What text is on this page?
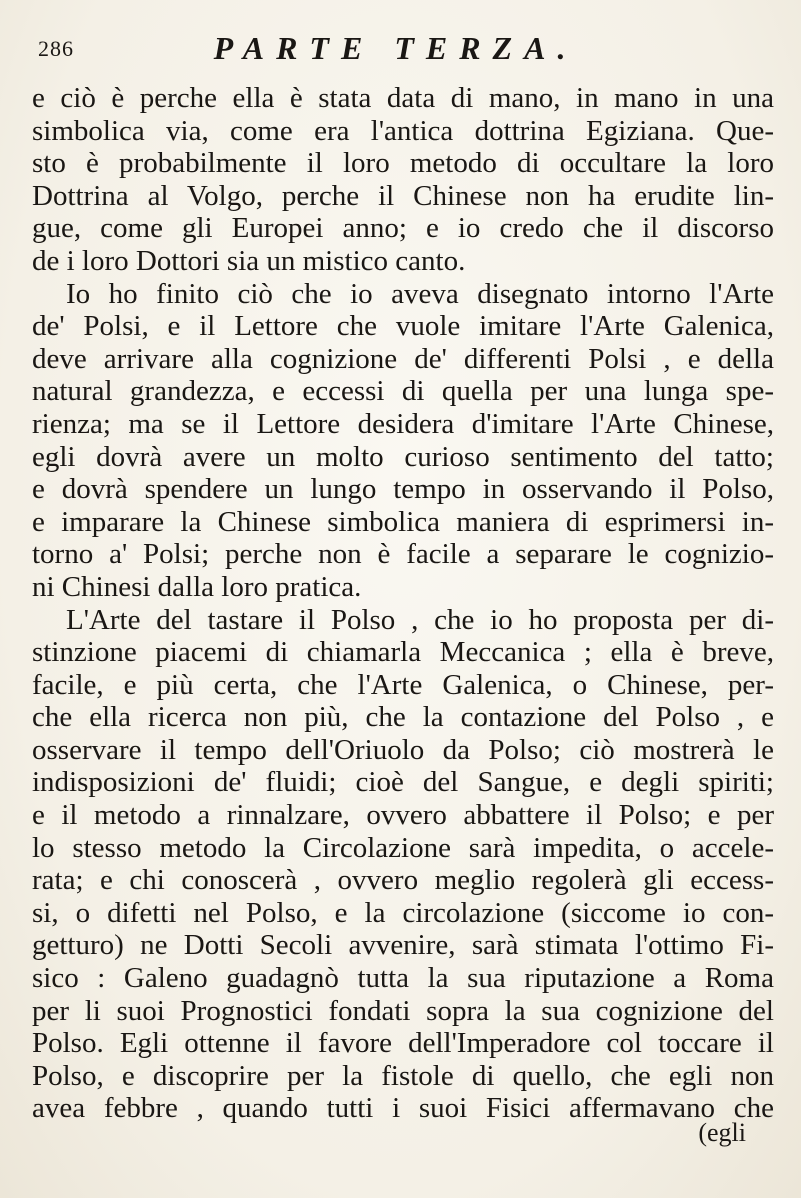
286	PARTE TERZA.
e ciò è perche ella è stata data di mano, in mano in una
simbolica via, come era l'antica dottrina Egiziana. Que-
sto è probabilmente il loro metodo di occultare la loro
Dottrina al Volgo, perche il Chinese non ha erudite lin-
gue, come gli Europei anno; e io credo che il discorso
de i loro Dottori sia un mistico canto.
Io ho finito ciò che io aveva disegnato intorno l'Arte
de' Polsi, e il Lettore che vuole imitare l'Arte Galenica,
deve arrivare alla cognizione de' differenti Polsi , e della
natural grandezza, e eccessi di quella per una lunga spe-
rienza; ma se il Lettore desidera d'imitare l'Arte Chinese,
egli dovrà avere un molto curioso sentimento del tatto;
e dovrà spendere un lungo tempo in osservando il Polso,
e imparare la Chinese simbolica maniera di esprimersi in-
torno a' Polsi; perche non è facile a separare le cognizio-
ni Chinesi dalla loro pratica.
L'Arte del tastare il Polso , che io ho proposta per di-
stinzione piacemi di chiamarla Meccanica ; ella è breve,
facile, e più certa, che l'Arte Galenica, o Chinese, per-
che ella ricerca non più, che la contazione del Polso , e
osservare il tempo dell'Oriuolo da Polso; ciò mostrerà le
indisposizioni de' fluidi; cioè del Sangue, e degli spiriti;
e il metodo a rinnalzare, ovvero abbattere il Polso; e per
lo stesso metodo la Circolazione sarà impedita, o accele-
rata; e chi conoscerà , ovvero meglio regolerà gli eccess-
si, o difetti nel Polso, e la circolazione (siccome io con-
getturo) ne Dotti Secoli avvenire, sarà stimata l'ottimo Fi-
sico : Galeno guadagnò tutta la sua riputazione a Roma
per li suoi Prognostici fondati sopra la sua cognizione del
Polso. Egli ottenne il favore dell'Imperadore col toccare il
Polso, e discoprire per la fistole di quello, che egli non
avea febbre , quando tutti i suoi Fisici affermavano che
(egli
